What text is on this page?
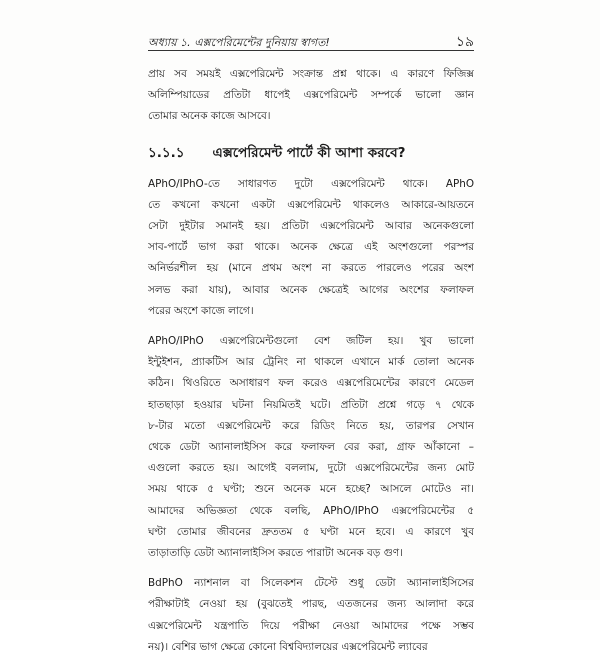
অধ্যায় ১. এক্সপেরিমেন্টের দুনিয়ায় স্বাগত!	১৯
প্রায় সব সময়ই এক্সপেরিমেন্ট সংক্রান্ত প্রশ্ন থাকে। এ কারণে ফিজিক্স
অলিম্পিয়াডের প্রতিটা ধাপেই এক্সপেরিমেন্ট সম্পর্কে ভালো জ্ঞান
তোমার অনেক কাজে আসবে।
১.১.১ এক্সপেরিমেন্ট পার্টে কী আশা করবে?
APhO/IPhO-তে সাধারণত দুটো এক্সপেরিমেন্ট থাকে। APhO
তে কখনো কখনো একটা এক্সপেরিমেন্ট থাকলেও আকারে-আয়তনে
সেটা দুইটার সমানই হয়। প্রতিটা এক্সপেরিমেন্ট আবার অনেকগুলো
সাব-পার্টে ভাগ করা থাকে। অনেক ক্ষেত্রে এই অংশগুলো পরস্পর
অনির্ভরশীল হয় (মানে প্রথম অংশ না করতে পারলেও পরের অংশ
সলভ করা যায়), আবার অনেক ক্ষেত্রেই আগের অংশের ফলাফল
পরের অংশে কাজে লাগে।
APhO/IPhO এক্সপেরিমেন্টগুলো বেশ জটিল হয়। খুব ভালো
ইন্টুইশন, প্র্যাকটিস আর ট্রেনিং না থাকলে এখানে মার্ক তোলা অনেক
কঠিন। থিওরিতে অসাধারণ ফল করেও এক্সপেরিমেন্টের কারণে মেডেল
হাতছাড়া হওয়ার ঘটনা নিয়মিতই ঘটে। প্রতিটা প্রশ্নে গড়ে ৭ থেকে
৮-টার মতো এক্সপেরিমেন্ট করে রিডিং নিতে হয়, তারপর সেখান
থেকে ডেটা অ্যানালাইসিস করে ফলাফল বের করা, গ্রাফ আঁকানো –
এগুলো করতে হয়। আগেই বললাম, দুটো এক্সপেরিমেন্টের জন্য মোট
সময় থাকে ৫ ঘণ্টা; শুনে অনেক মনে হচ্ছে? আসলে মোটেও না।
আমাদের অভিজ্ঞতা থেকে বলছি, APhO/IPhO এক্সপেরিমেন্টের ৫
ঘণ্টা তোমার জীবনের দ্রুততম ৫ ঘণ্টা মনে হবে। এ কারণে খুব
তাড়াতাড়ি ডেটা অ্যানালাইসিস করতে পারাটা অনেক বড় গুণ।
BdPhO ন্যাশনাল বা সিলেকশন টেস্টে শুধু ডেটা অ্যানালাইসিসের
পরীক্ষাটাই নেওয়া হয় (বুঝতেই পারছ, এতজনের জন্য আলাদা করে
এক্সপেরিমেন্ট যন্ত্রপাতি দিয়ে পরীক্ষা নেওয়া আমাদের পক্ষে সম্ভব
নয়)। বেশির ভাগ ক্ষেত্রে কোনো বিশ্ববিদ্যালয়ের এক্সপেরিমেন্ট ল্যাবের
